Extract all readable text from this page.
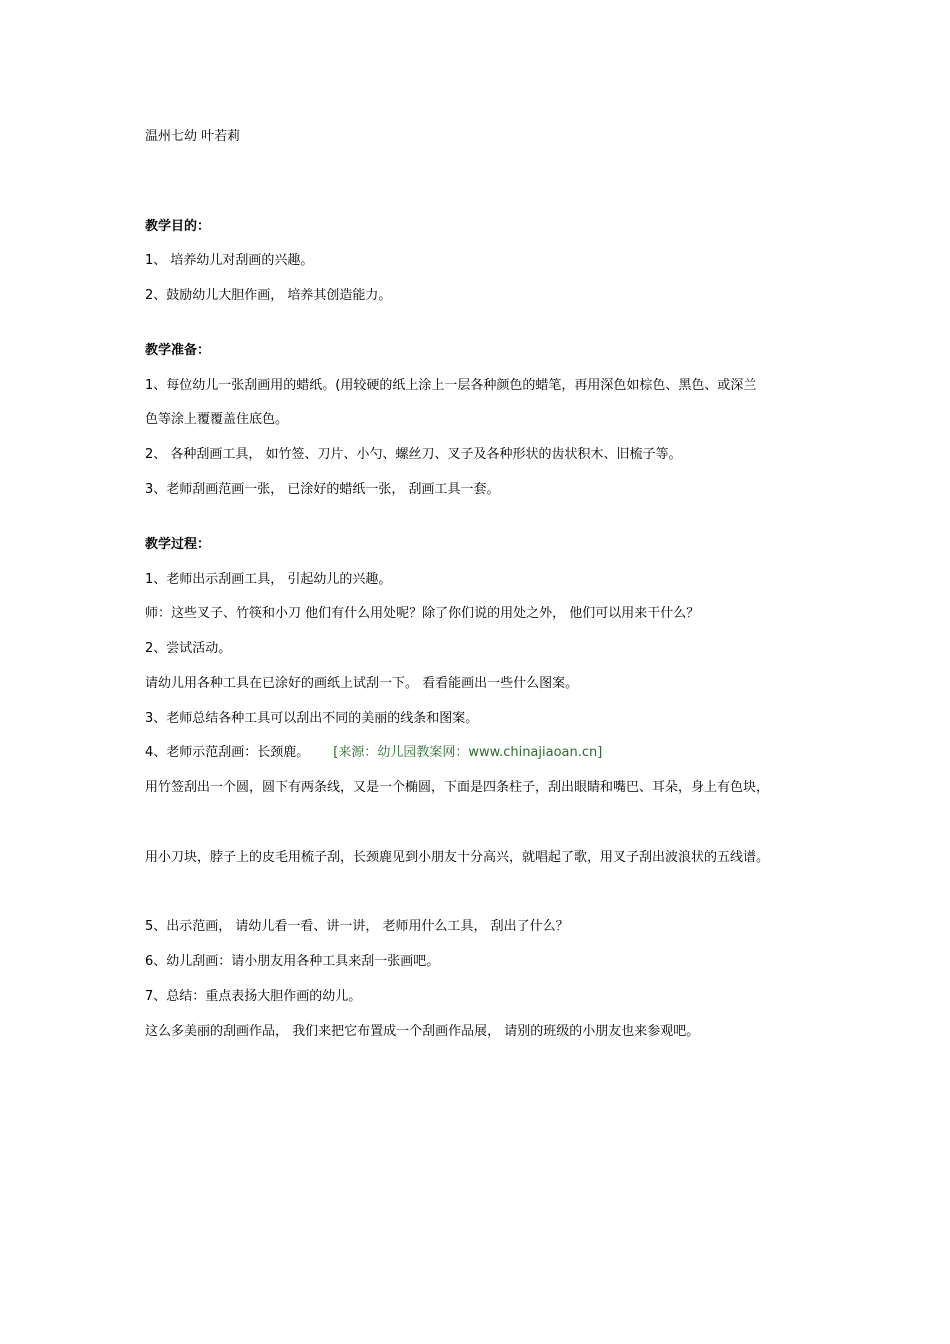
温州七幼 叶若莉
教学目的：
1、 培养幼儿对刮画的兴趣。
2、鼓励幼儿大胆作画， 培养其创造能力。
教学准备：
1、每位幼儿一张刮画用的蜡纸。(用较硬的纸上涂上一层各种颜色的蜡笔，再用深色如棕色、黑色、或深兰
色等涂上覆覆盖住底色。
2、 各种刮画工具， 如竹签、刀片、小勺、螺丝刀、叉子及各种形状的齿状积木、旧梳子等。
3、老师刮画范画一张， 已涂好的蜡纸一张， 刮画工具一套。
教学过程：
1、老师出示刮画工具， 引起幼儿的兴趣。
师：这些叉子、竹筷和小刀 他们有什么用处呢？除了你们说的用处之外， 他们可以用来干什么？
2、尝试活动。
请幼儿用各种工具在已涂好的画纸上试刮一下。 看看能画出一些什么图案。
3、老师总结各种工具可以刮出不同的美丽的线条和图案。
4、老师示范刮画：长颈鹿。 [来源：幼儿园教案网：www.chinajiaoan.cn]
用竹签刮出一个圆，圆下有两条线，又是一个椭圆，下面是四条柱子，刮出眼睛和嘴巴、耳朵，身上有色块，
用小刀块，脖子上的皮毛用梳子刮，长颈鹿见到小朋友十分高兴，就唱起了歌，用叉子刮出波浪状的五线谱。
5、出示范画， 请幼儿看一看、讲一讲， 老师用什么工具， 刮出了什么？
6、幼儿刮画：请小朋友用各种工具来刮一张画吧。
7、总结：重点表扬大胆作画的幼儿。
这么多美丽的刮画作品， 我们来把它布置成一个刮画作品展， 请别的班级的小朋友也来参观吧。
